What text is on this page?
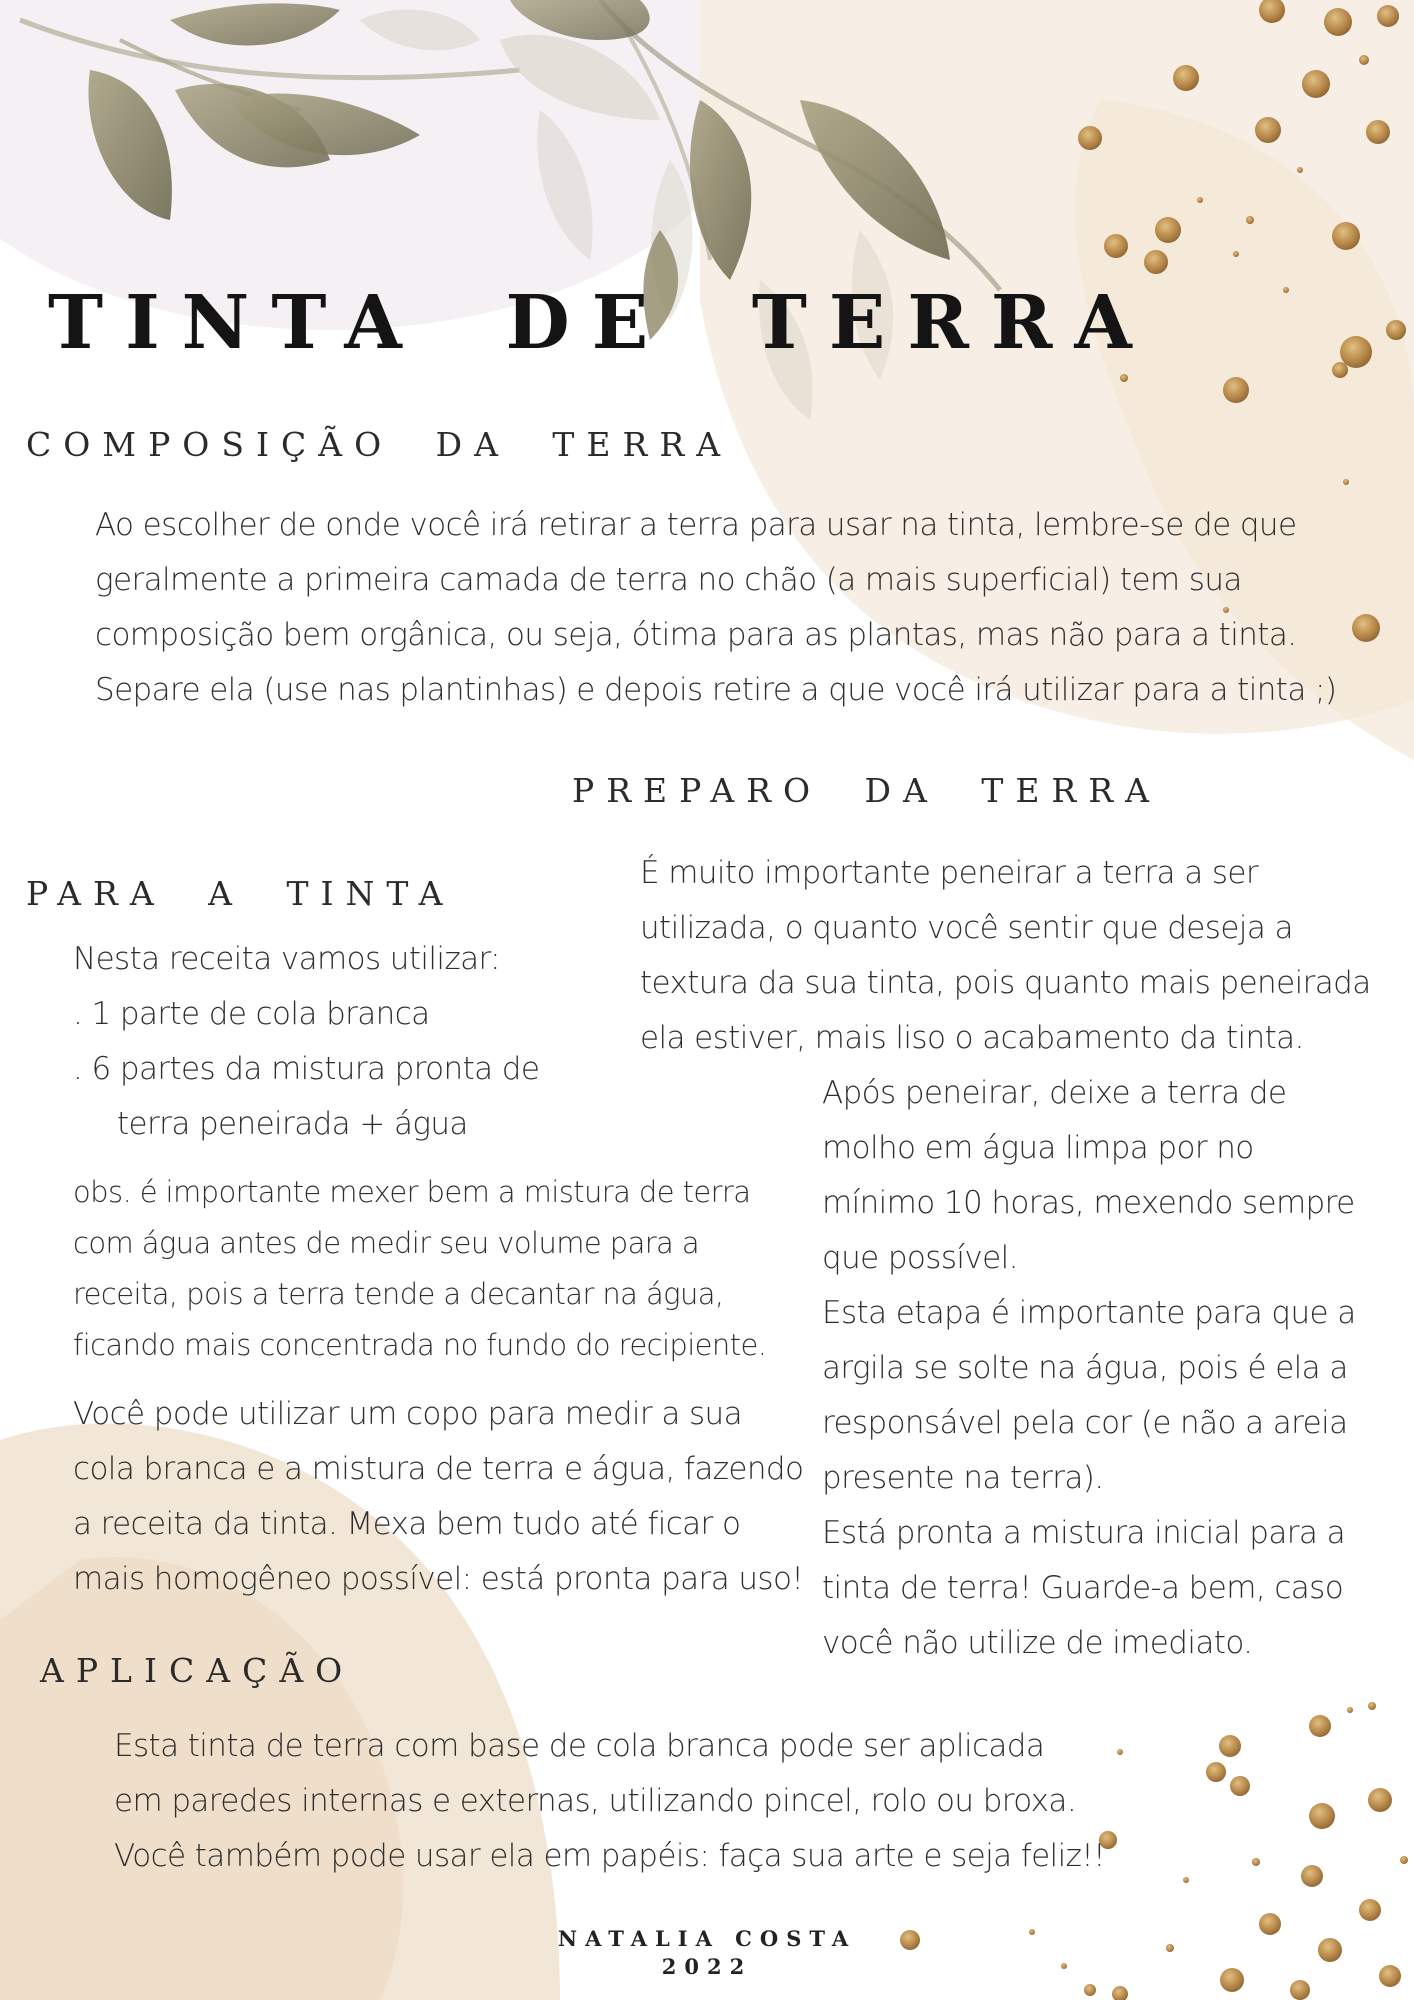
TINTA DE TERRA
COMPOSIÇÃO DA TERRA

Ao escolher de onde você irá retirar a terra para usar na tinta, lembre-se de que

geralmente a primeira camada de terra no chão (a mais superficial) tem sua

composição bem orgânica, ou seja, ótima para as plantas, mas não para a tinta.

Separe ela (use nas plantinhas) e depois retire a que você irá utilizar para a tinta ;)

PREPARO DA TERRA

É muito importante peneirar a terra a ser

utilizada, o quanto você sentir que deseja a

textura da sua tinta, pois quanto mais peneirada

ela estiver, mais liso o acabamento da tinta.

Após peneirar, deixe a terra de

molho em água limpa por no

mínimo 10 horas, mexendo sempre

que possível.

Esta etapa é importante para que a

argila se solte na água, pois é ela a

responsável pela cor (e não a areia

presente na terra).

Está pronta a mistura inicial para a

tinta de terra! Guarde-a bem, caso

você não utilize de imediato.

PARA A TINTA

Nesta receita vamos utilizar:

. 1 parte de cola branca
. 6 partes da mistura pronta de
terra peneirada + água

obs. é importante mexer bem a mistura de terra

com água antes de medir seu volume para a

receita, pois a terra tende a decantar na água,

ficando mais concentrada no fundo do recipiente.

Você pode utilizar um copo para medir a sua

cola branca e a mistura de terra e água, fazendo

a receita da tinta. Mexa bem tudo até ficar o

mais homogêneo possível: está pronta para uso!

APLICAÇÃO

Esta tinta de terra com base de cola branca pode ser aplicada

em paredes internas e externas, utilizando pincel, rolo ou broxa.

Você também pode usar ela em papéis: faça sua arte e seja feliz!!

NATALIA COSTA
2022
